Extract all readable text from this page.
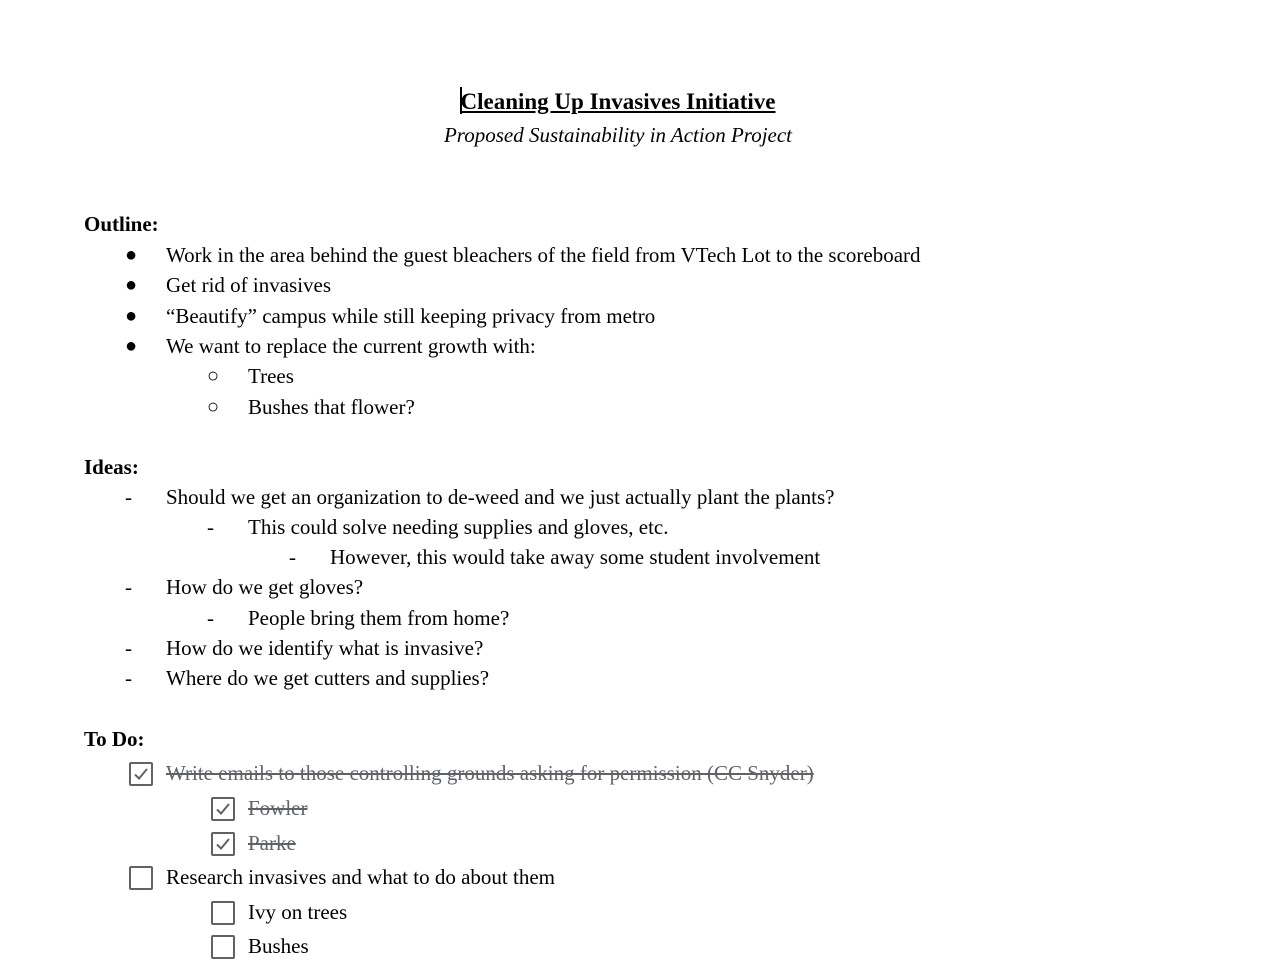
Cleaning Up Invasives Initiative
Proposed Sustainability in Action Project
Outline:
●	Work in the area behind the guest bleachers of the field from VTech Lot to the scoreboard
●	Get rid of invasives
●	“Beautify” campus while still keeping privacy from metro
●	We want to replace the current growth with:
○	Trees
○	Bushes that flower?
Ideas:
-	Should we get an organization to de-weed and we just actually plant the plants?
-	This could solve needing supplies and gloves, etc.
-	However, this would take away some student involvement
-	How do we get gloves?
-	People bring them from home?
-	How do we identify what is invasive?
-	Where do we get cutters and supplies?
To Do:
Write emails to those controlling grounds asking for permission (CC Snyder)
Fowler
Parke
Research invasives and what to do about them
Ivy on trees
Bushes
